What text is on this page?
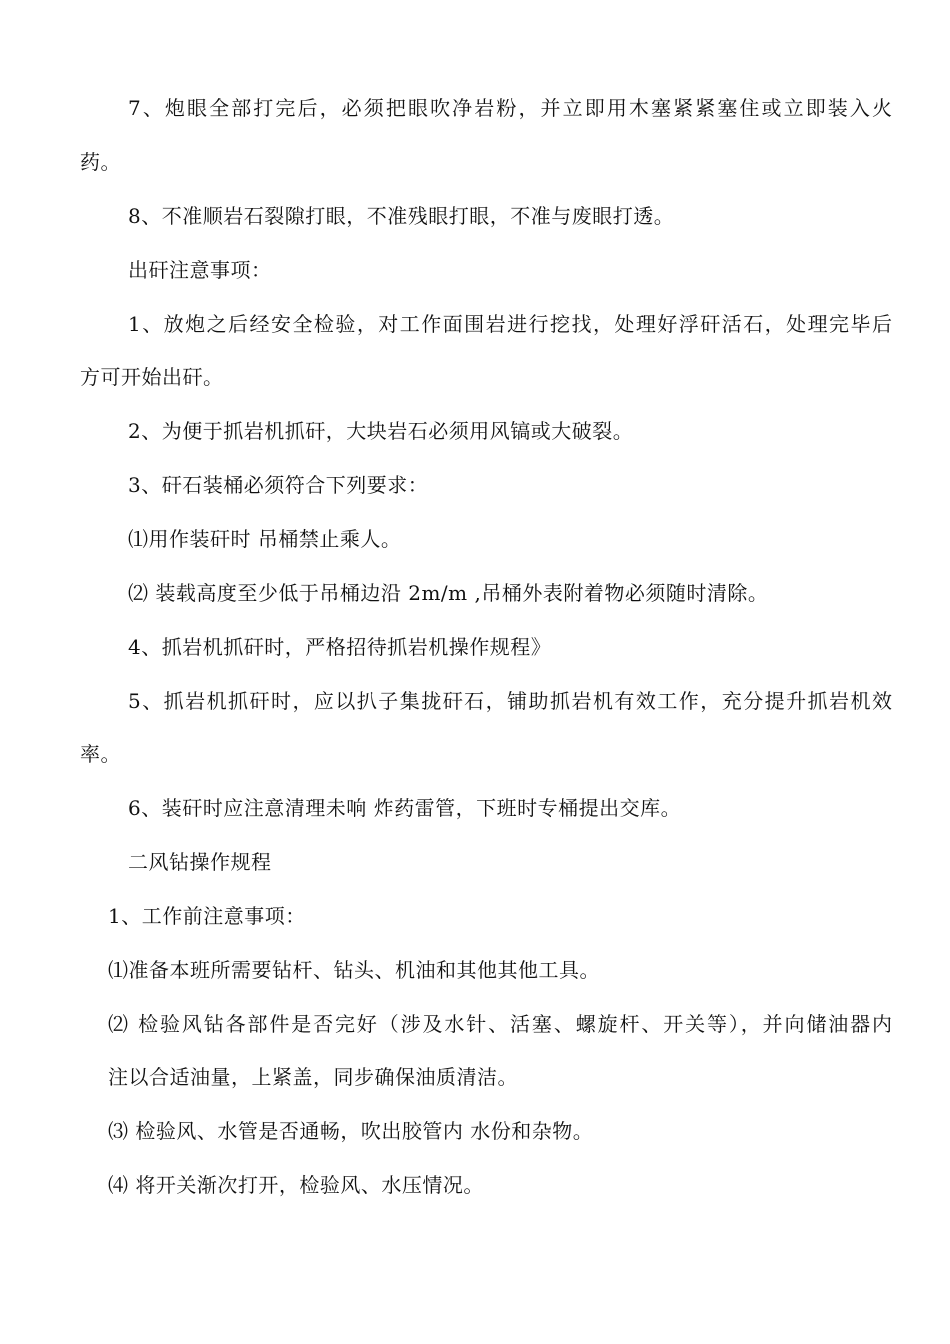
7、炮眼全部打完后，必须把眼吹净岩粉，并立即用木塞紧紧塞住或立即装入火
药。
8、不准顺岩石裂隙打眼，不准残眼打眼，不准与废眼打透。
出矸注意事项：
1、放炮之后经安全检验，对工作面围岩进行挖找，处理好浮矸活石，处理完毕后
方可开始出矸。
2、为便于抓岩机抓矸，大块岩石必须用风镐或大破裂。
3、矸石装桶必须符合下列要求：
⑴用作装矸时 吊桶禁止乘人。
⑵ 装载高度至少低于吊桶边沿 2m/m ,吊桶外表附着物必须随时清除。
4、抓岩机抓矸时，严格招待抓岩机操作规程》
5、抓岩机抓矸时，应以扒子集拢矸石，铺助抓岩机有效工作，充分提升抓岩机效
率。
6、装矸时应注意清理未响 炸药雷管，下班时专桶提出交库。
二风钻操作规程
1、工作前注意事项：
⑴准备本班所需要钻杆、钻头、机油和其他其他工具。
⑵ 检验风钻各部件是否完好（涉及水针、活塞、螺旋杆、开关等），并向储油器内
注以合适油量，上紧盖，同步确保油质清洁。
⑶ 检验风、水管是否通畅，吹出胶管内 水份和杂物。
⑷ 将开关渐次打开，检验风、水压情况。
